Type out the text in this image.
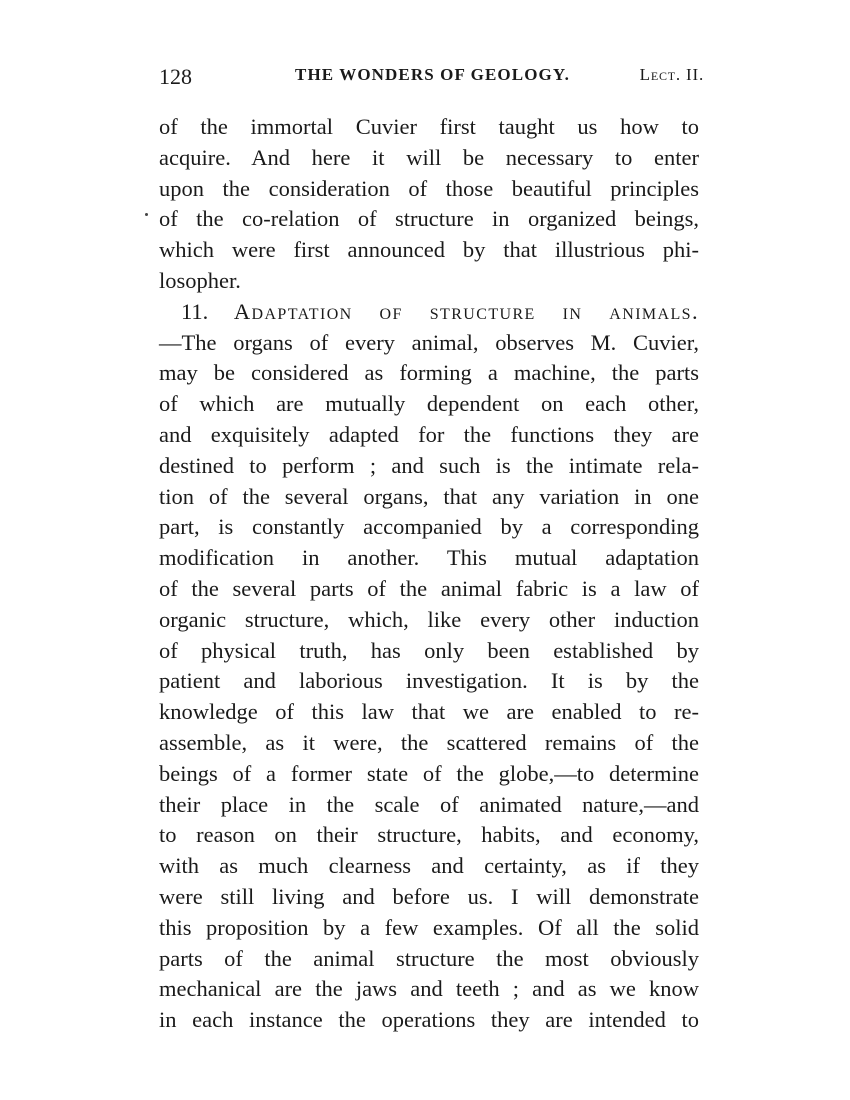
128	THE WONDERS OF GEOLOGY.	Lect. II.
of the immortal Cuvier first taught us how to
acquire. And here it will be necessary to enter
upon the consideration of those beautiful principles
of the co-relation of structure in organized beings,
which were first announced by that illustrious phi-
losopher.
11. Adaptation of structure in animals.
—The organs of every animal, observes M. Cuvier,
may be considered as forming a machine, the parts
of which are mutually dependent on each other,
and exquisitely adapted for the functions they are
destined to perform ; and such is the intimate rela-
tion of the several organs, that any variation in one
part, is constantly accompanied by a corresponding
modification in another. This mutual adaptation
of the several parts of the animal fabric is a law of
organic structure, which, like every other induction
of physical truth, has only been established by
patient and laborious investigation. It is by the
knowledge of this law that we are enabled to re-
assemble, as it were, the scattered remains of the
beings of a former state of the globe,—to determine
their place in the scale of animated nature,—and
to reason on their structure, habits, and economy,
with as much clearness and certainty, as if they
were still living and before us. I will demonstrate
this proposition by a few examples. Of all the solid
parts of the animal structure the most obviously
mechanical are the jaws and teeth ; and as we know
in each instance the operations they are intended to
